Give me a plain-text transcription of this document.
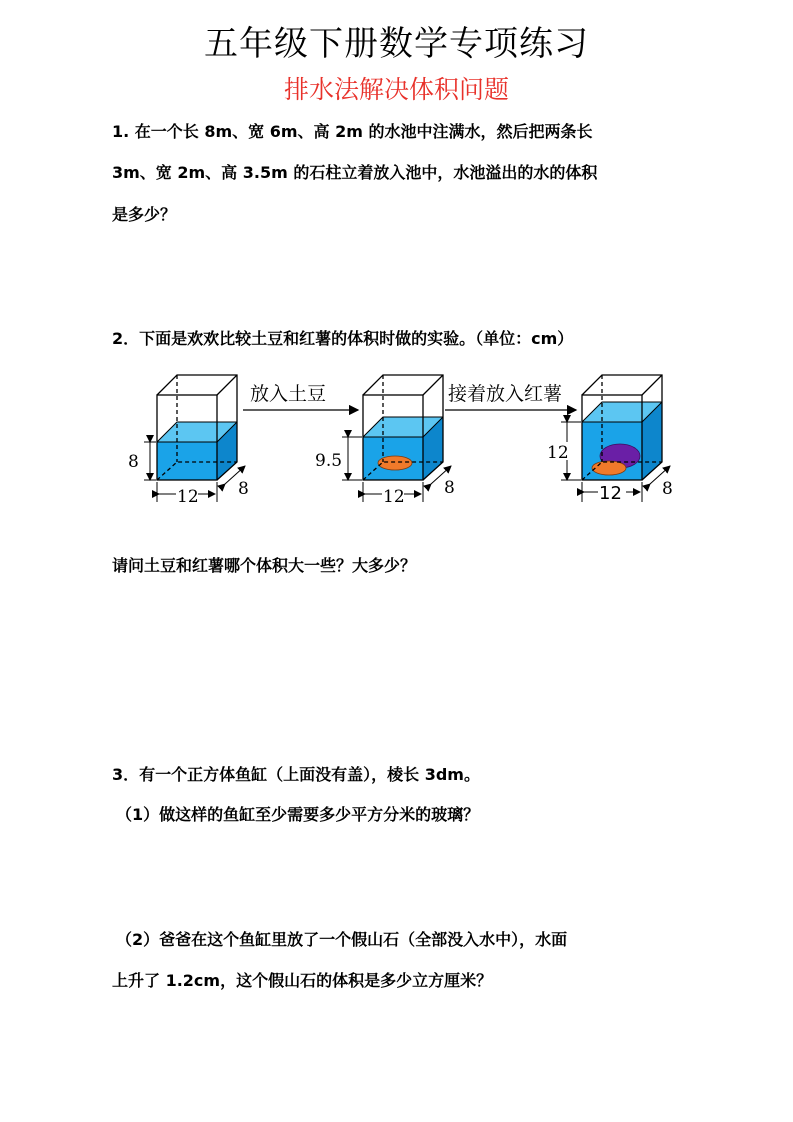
五年级下册数学专项练习
排水法解决体积问题
1. 在一个长 8m、宽 6m、高 2m 的水池中注满水，然后把两条长
3m、宽 2m、高 3.5m 的石柱立着放入池中，水池溢出的水的体积
是多少？
2．下面是欢欢比较土豆和红薯的体积时做的实验。（单位：cm）
8
12 8
放入土豆
9.5
12 8
接着放入红薯
12
12 8
请问土豆和红薯哪个体积大一些？大多少？
3．有一个正方体鱼缸（上面没有盖），棱长 3dm。
（1）做这样的鱼缸至少需要多少平方分米的玻璃？
（2）爸爸在这个鱼缸里放了一个假山石（全部没入水中），水面
上升了 1.2cm，这个假山石的体积是多少立方厘米？
